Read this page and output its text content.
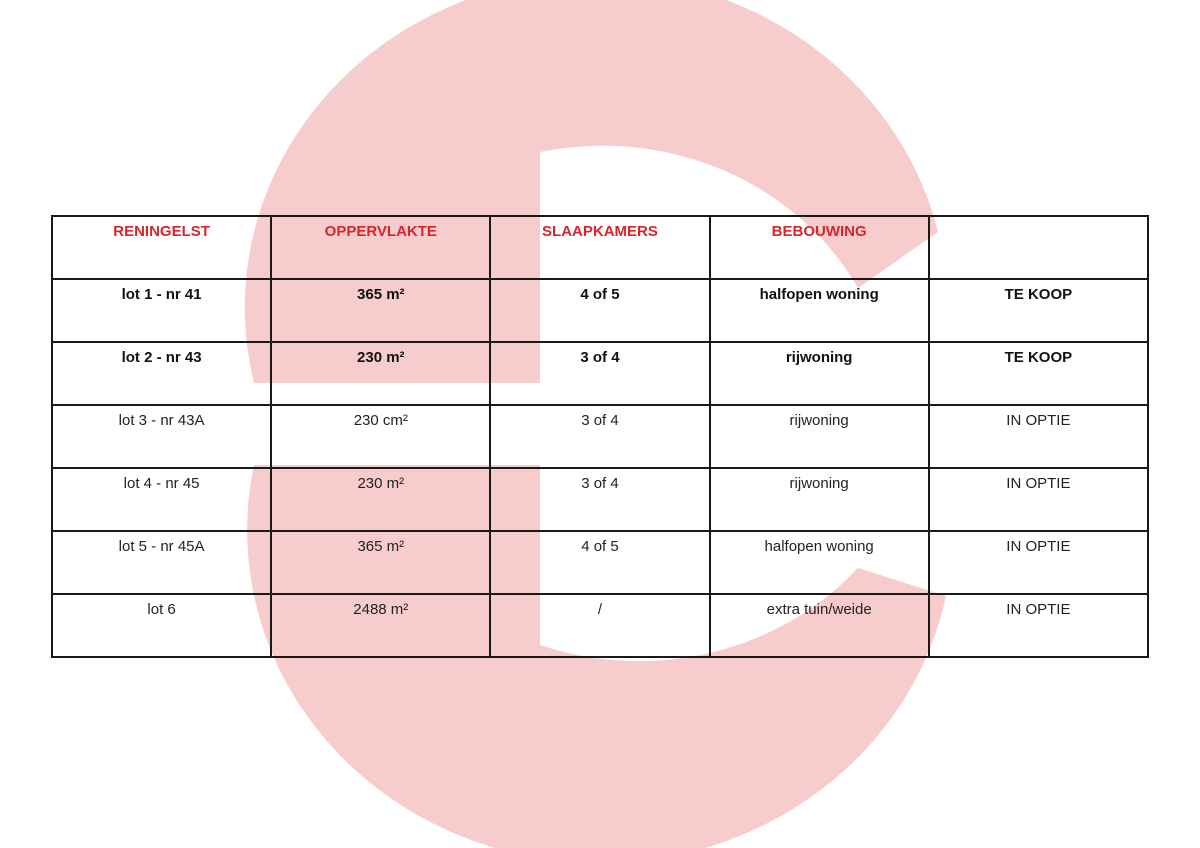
RENINGELST	OPPERVLAKTE	SLAAPKAMERS	BEBOUWING	
lot 1 - nr 41	365 m²	4 of 5	halfopen woning	TE KOOP
lot 2 - nr 43	230 m²	3 of 4	rijwoning	TE KOOP
lot 3 - nr 43A	230 cm²	3 of 4	rijwoning	IN OPTIE
lot 4 - nr 45	230 m²	3 of 4	rijwoning	IN OPTIE
lot 5 - nr 45A	365 m²	4 of 5	halfopen woning	IN OPTIE
lot 6	2488 m²	/	extra tuin/weide	IN OPTIE
